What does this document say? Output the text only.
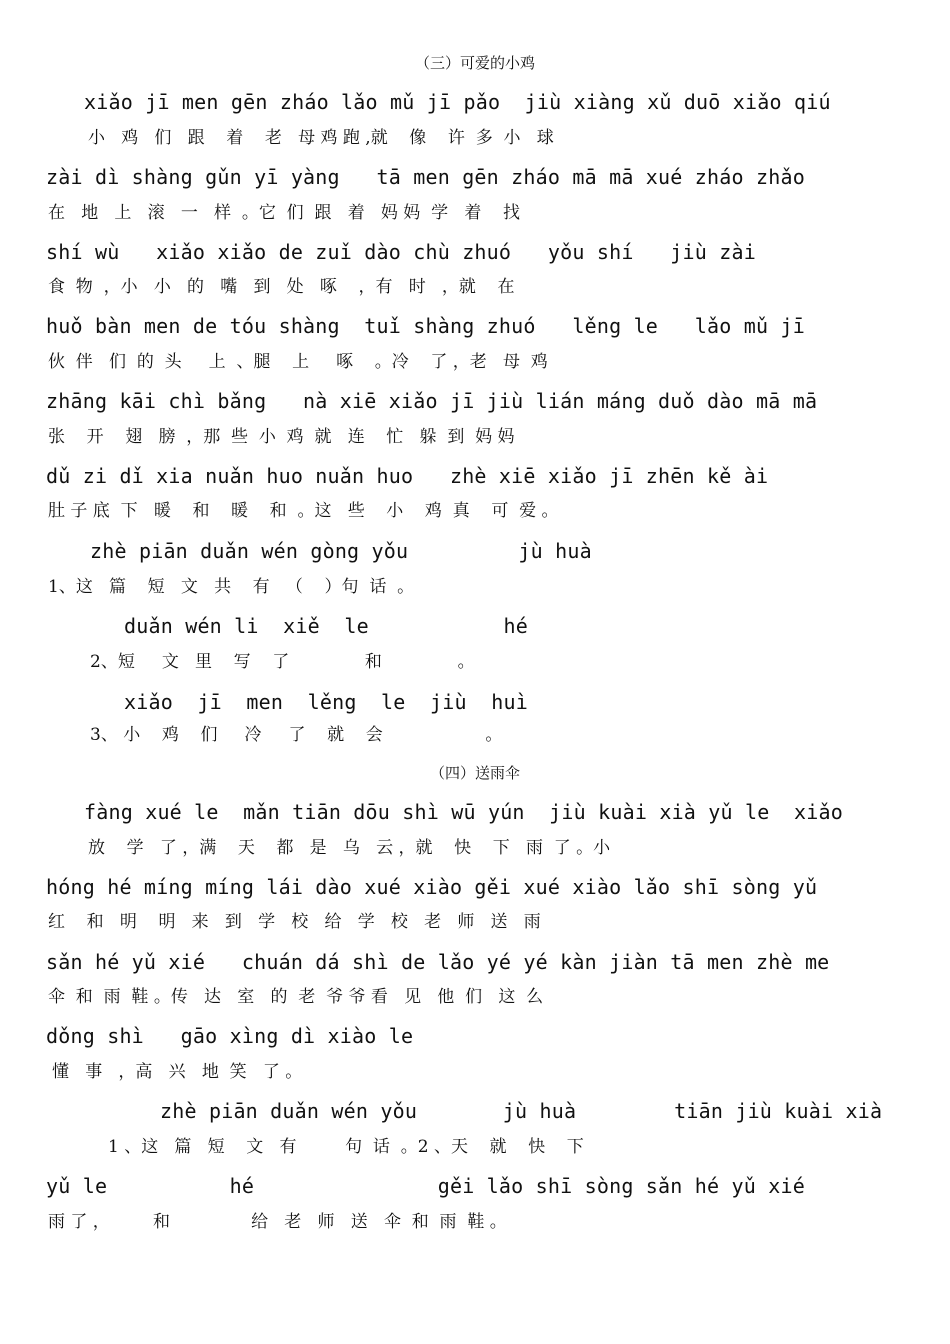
（三）可爱的小鸡
xiǎo jī men gēn zháo lǎo mǔ jī pǎo  jiù xiàng xǔ duō xiǎo qiú
小   鸡   们   跟    着    老   母 鸡 跑 ,就    像    许  多  小   球
zài dì shàng gǔn yī yàng   tā men gēn zháo mā mā xué zháo zhǎo
在   地   上   滚   一   样  。它  们  跟   着   妈 妈  学   着    找
shí wù   xiǎo xiǎo de zuǐ dào chù zhuó   yǒu shí   jiù zài
食  物  ，小   小   的   嘴   到   处   啄    ，有   时   ，就    在
huǒ bàn men de tóu shàng  tuǐ shàng zhuó   lěng le   lǎo mǔ jī
伙  伴   们  的  头     上  、腿    上     啄    。冷    了 ，老   母  鸡
zhāng kāi chì bǎng   nà xiē xiǎo jī jiù lián máng duǒ dào mā mā
张    开    翅   膀  ，那  些  小  鸡  就   连    忙   躲  到  妈 妈
dǔ zi dǐ xia nuǎn huo nuǎn huo   zhè xiē xiǎo jī zhēn kě ài
肚 子 底  下   暖    和    暖    和  。这   些    小    鸡  真    可  爱 。
zhè piān duǎn wén gòng yǒu         jù huà
1、这   篇    短   文   共    有   （    ）句  话  。
duǎn wén li  xiě  le           hé
2、短     文   里    写    了              和              。
xiǎo  jī  men  lěng  le  jiù  huì
3、 小    鸡    们     冷     了    就    会                   。
（四）送雨伞
fàng xué le  mǎn tiān dōu shì wū yún  jiù kuài xià yǔ le  xiǎo
放    学   了 ，满    天    都   是   乌   云 ，就    快    下   雨  了 。小
hóng hé míng míng lái dào xué xiào gěi xué xiào lǎo shī sòng yǔ
红    和   明    明   来   到   学   校   给   学   校   老   师   送   雨
sǎn hé yǔ xié   chuán dá shì de lǎo yé yé kàn jiàn tā men zhè me
伞  和  雨  鞋 。传   达   室   的  老  爷 爷 看   见   他  们   这  么
dǒng shì   gāo xìng dì xiào le
懂   事   ，高   兴   地  笑   了 。
zhè piān duǎn wén yǒu       jù huà        tiān jiù kuài xià
1 、这   篇   短    文   有         句  话  。2 、天    就    快    下
yǔ le          hé               gěi lǎo shī sòng sǎn hé yǔ xié
雨 了 ，        和               给   老   师   送   伞  和  雨  鞋 。
